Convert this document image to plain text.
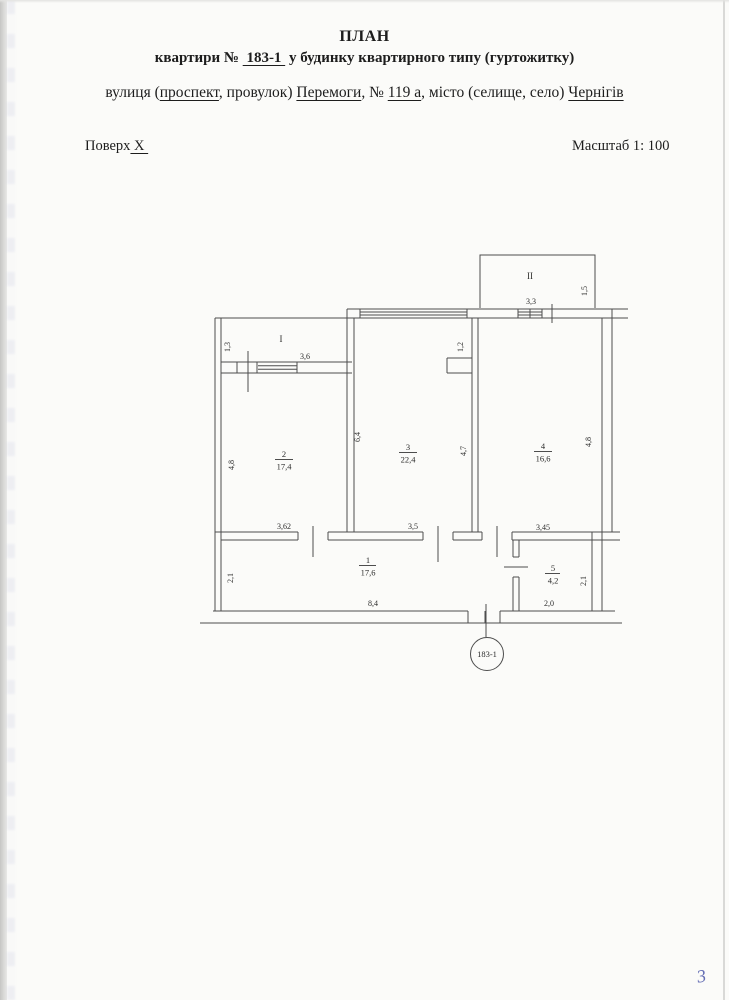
ПЛАН
квартири №  183-1  у будинку квартирного типу (гуртожитку)
вулиця (проспект, провулок) Перемоги, № 119 а, місто (селище, село) Чернігів
Поверх Х	Масштаб 1: 100
II
3,3
1,5
I
3,6
1,3
2
17,4
4,8
3,62
3
22,4
6,4
4,7
1,2
3,5
4
16,6
4,8
3,45
1
17,6
2,1
8,4
5
4,2	2,1
2,0
183-1
3
